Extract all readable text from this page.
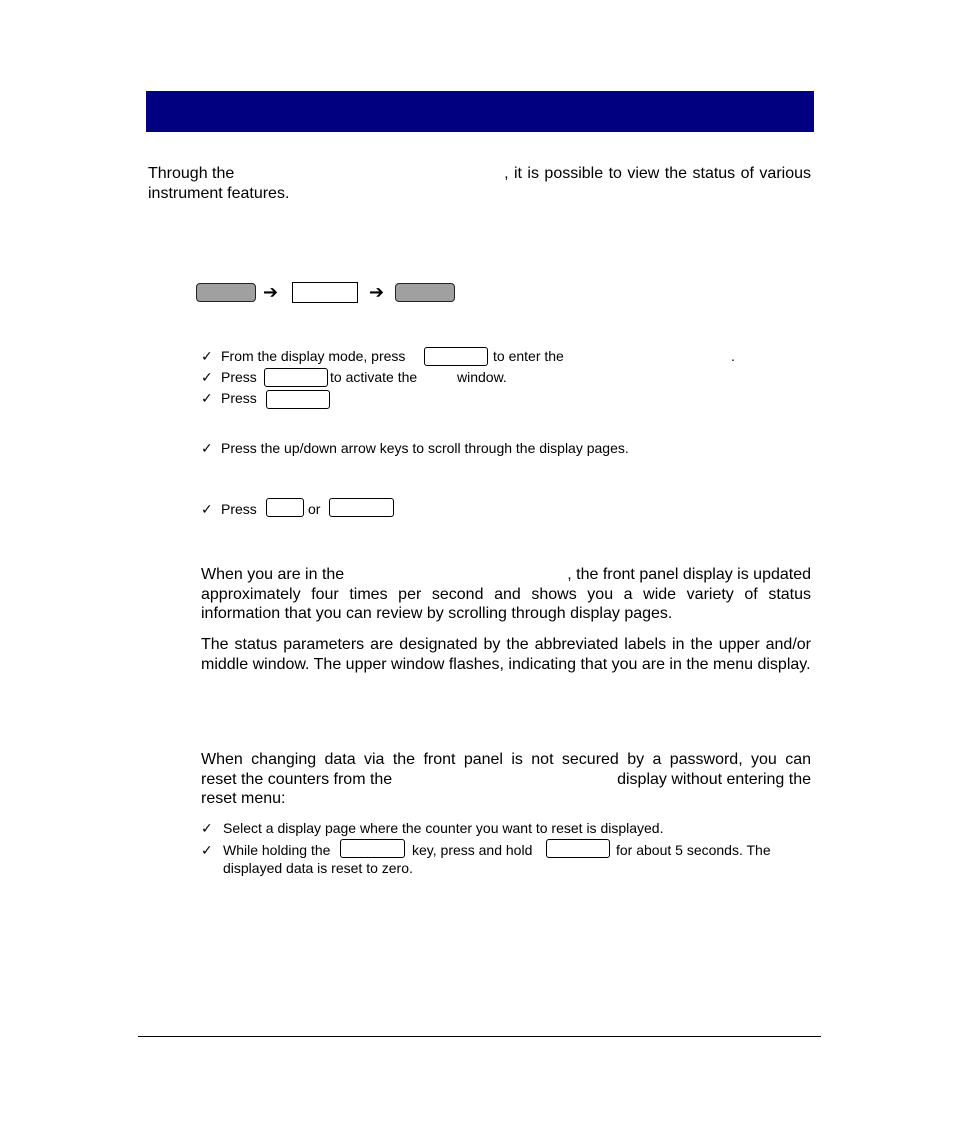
Through the	, it is possible to view the status of various
instrument features.
➔	➔
✓ From the display mode, press	to enter the	.
✓ Press	to activate the	window.
✓ Press
✓ Press the up/down arrow keys to scroll through the display pages.
✓ Press	or
When you are in the	, the front panel display is updated
approximately four times per second and shows you a wide variety of status information that you can review by scrolling through display pages.
The status parameters are designated by the abbreviated labels in the upper and/or middle window. The upper window flashes, indicating that you are in the menu display.
When changing data via the front panel is not secured by a password, you can
reset the counters from the	display without entering the
reset menu:
✓ Select a display page where the counter you want to reset is displayed.
✓ While holding the	key, press and hold	for about 5 seconds. The
displayed data is reset to zero.
